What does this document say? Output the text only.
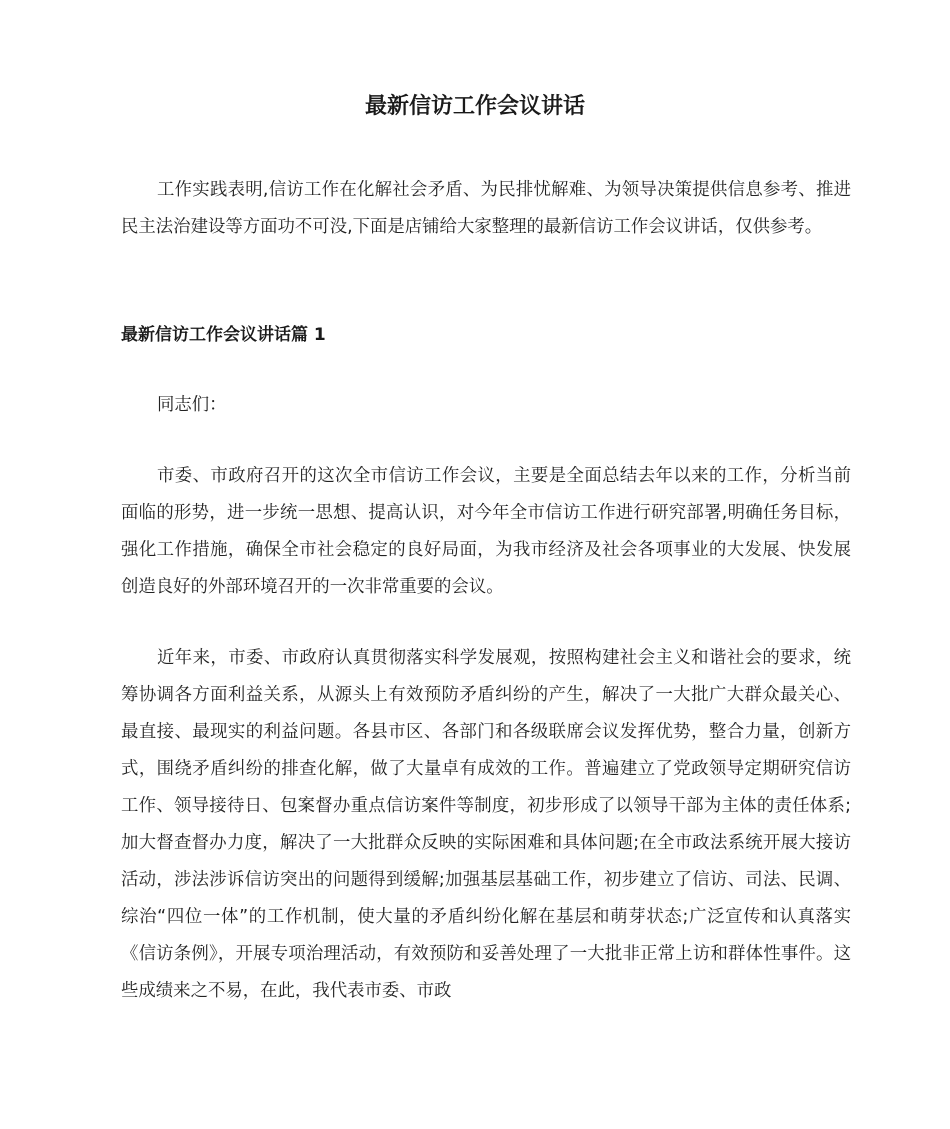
最新信访工作会议讲话

工作实践表明,信访工作在化解社会矛盾、为民排忧解难、为领导决策提供信息参考、推进民主法治建设等方面功不可没,下面是店铺给大家整理的最新信访工作会议讲话，仅供参考。

最新信访工作会议讲话篇 1

同志们：

市委、市政府召开的这次全市信访工作会议，主要是全面总结去年以来的工作，分析当前面临的形势，进一步统一思想、提高认识，对今年全市信访工作进行研究部署,明确任务目标，强化工作措施，确保全市社会稳定的良好局面，为我市经济及社会各项事业的大发展、快发展创造良好的外部环境召开的一次非常重要的会议。

近年来，市委、市政府认真贯彻落实科学发展观，按照构建社会主义和谐社会的要求，统筹协调各方面利益关系，从源头上有效预防矛盾纠纷的产生，解决了一大批广大群众最关心、最直接、最现实的利益问题。各县市区、各部门和各级联席会议发挥优势，整合力量，创新方式，围绕矛盾纠纷的排查化解，做了大量卓有成效的工作。普遍建立了党政领导定期研究信访工作、领导接待日、包案督办重点信访案件等制度，初步形成了以领导干部为主体的责任体系;加大督查督办力度，解决了一大批群众反映的实际困难和具体问题;在全市政法系统开展大接访活动，涉法涉诉信访突出的问题得到缓解;加强基层基础工作，初步建立了信访、司法、民调、综治“四位一体”的工作机制，使大量的矛盾纠纷化解在基层和萌芽状态;广泛宣传和认真落实《信访条例》，开展专项治理活动，有效预防和妥善处理了一大批非正常上访和群体性事件。这些成绩来之不易，在此，我代表市委、市政
